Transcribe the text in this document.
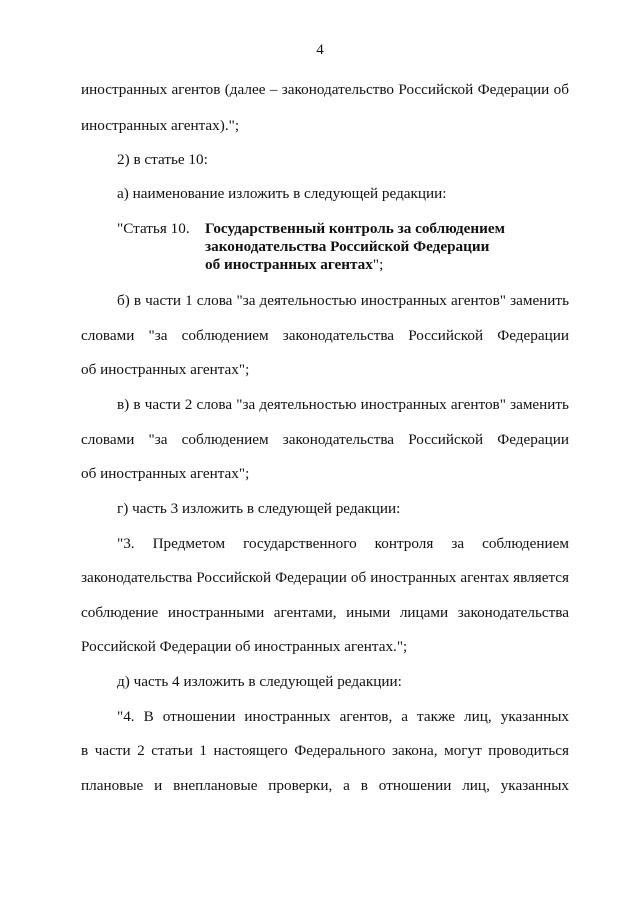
4
иностранных агентов (далее – законодательство Российской Федерации об
иностранных агентах).";
2) в статье 10:
а) наименование изложить в следующей редакции:
"Статья 10. Государственный контроль за соблюдением
законодательства Российской Федерации
об иностранных агентах";
б) в части 1 слова "за деятельностью иностранных агентов" заменить
словами "за соблюдением законодательства Российской Федерации
об иностранных агентах";
в) в части 2 слова "за деятельностью иностранных агентов" заменить
словами "за соблюдением законодательства Российской Федерации
об иностранных агентах";
г) часть 3 изложить в следующей редакции:
"3. Предметом государственного контроля за соблюдением
законодательства Российской Федерации об иностранных агентах является
соблюдение иностранными агентами, иными лицами законодательства
Российской Федерации об иностранных агентах.";
д) часть 4 изложить в следующей редакции:
"4. В отношении иностранных агентов, а также лиц, указанных
в части 2 статьи 1 настоящего Федерального закона, могут проводиться
плановые и внеплановые проверки, а в отношении лиц, указанных
